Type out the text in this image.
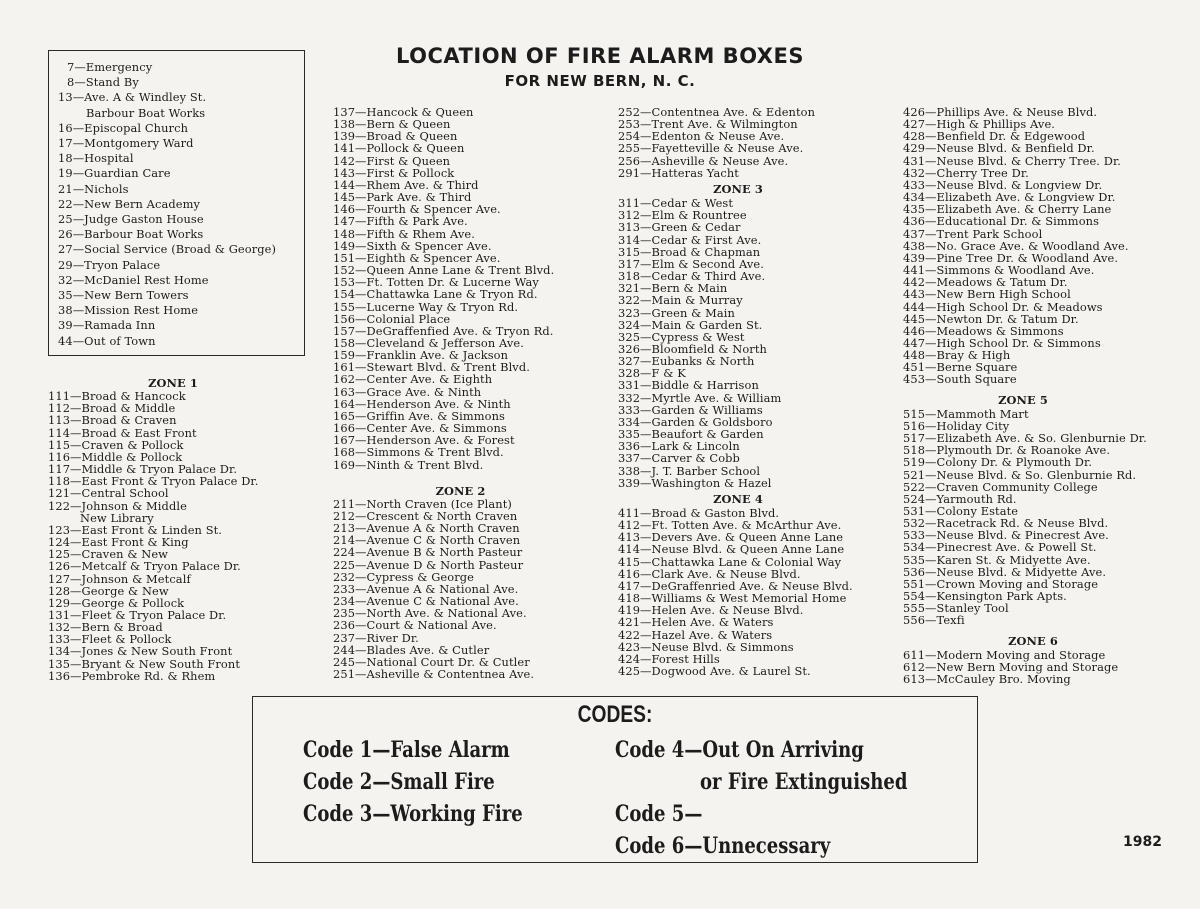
LOCATION OF FIRE ALARM BOXES
FOR NEW BERN, N. C.
7—Emergency
8—Stand By
13—Ave. A & Windley St.
Barbour Boat Works
16—Episcopal Church
17—Montgomery Ward
18—Hospital
19—Guardian Care
21—Nichols
22—New Bern Academy
25—Judge Gaston House
26—Barbour Boat Works
27—Social Service (Broad & George)
29—Tryon Palace
32—McDaniel Rest Home
35—New Bern Towers
38—Mission Rest Home
39—Ramada Inn
44—Out of Town
ZONE 1
111—Broad & Hancock
112—Broad & Middle
113—Broad & Craven
114—Broad & East Front
115—Craven & Pollock
116—Middle & Pollock
117—Middle & Tryon Palace Dr.
118—East Front & Tryon Palace Dr.
121—Central School
122—Johnson & Middle
New Library
123—East Front & Linden St.
124—East Front & King
125—Craven & New
126—Metcalf & Tryon Palace Dr.
127—Johnson & Metcalf
128—George & New
129—George & Pollock
131—Fleet & Tryon Palace Dr.
132—Bern & Broad
133—Fleet & Pollock
134—Jones & New South Front
135—Bryant & New South Front
136—Pembroke Rd. & Rhem
137—Hancock & Queen
138—Bern & Queen
139—Broad & Queen
141—Pollock & Queen
142—First & Queen
143—First & Pollock
144—Rhem Ave. & Third
145—Park Ave. & Third
146—Fourth & Spencer Ave.
147—Fifth & Park Ave.
148—Fifth & Rhem Ave.
149—Sixth & Spencer Ave.
151—Eighth & Spencer Ave.
152—Queen Anne Lane & Trent Blvd.
153—Ft. Totten Dr. & Lucerne Way
154—Chattawka Lane & Tryon Rd.
155—Lucerne Way & Tryon Rd.
156—Colonial Place
157—DeGraffenfied Ave. & Tryon Rd.
158—Cleveland & Jefferson Ave.
159—Franklin Ave. & Jackson
161—Stewart Blvd. & Trent Blvd.
162—Center Ave. & Eighth
163—Grace Ave. & Ninth
164—Henderson Ave. & Ninth
165—Griffin Ave. & Simmons
166—Center Ave. & Simmons
167—Henderson Ave. & Forest
168—Simmons & Trent Blvd.
169—Ninth & Trent Blvd.
ZONE 2
211—North Craven (Ice Plant)
212—Crescent & North Craven
213—Avenue A & North Craven
214—Avenue C & North Craven
224—Avenue B & North Pasteur
225—Avenue D & North Pasteur
232—Cypress & George
233—Avenue A & National Ave.
234—Avenue C & National Ave.
235—North Ave. & National Ave.
236—Court & National Ave.
237—River Dr.
244—Blades Ave. & Cutler
245—National Court Dr. & Cutler
251—Asheville & Contentnea Ave.
252—Contentnea Ave. & Edenton
253—Trent Ave. & Wilmington
254—Edenton & Neuse Ave.
255—Fayetteville & Neuse Ave.
256—Asheville & Neuse Ave.
291—Hatteras Yacht
ZONE 3
311—Cedar & West
312—Elm & Rountree
313—Green & Cedar
314—Cedar & First Ave.
315—Broad & Chapman
317—Elm & Second Ave.
318—Cedar & Third Ave.
321—Bern & Main
322—Main & Murray
323—Green & Main
324—Main & Garden St.
325—Cypress & West
326—Bloomfield & North
327—Eubanks & North
328—F & K
331—Biddle & Harrison
332—Myrtle Ave. & William
333—Garden & Williams
334—Garden & Goldsboro
335—Beaufort & Garden
336—Lark & Lincoln
337—Carver & Cobb
338—J. T. Barber School
339—Washington & Hazel
ZONE 4
411—Broad & Gaston Blvd.
412—Ft. Totten Ave. & McArthur Ave.
413—Devers Ave. & Queen Anne Lane
414—Neuse Blvd. & Queen Anne Lane
415—Chattawka Lane & Colonial Way
416—Clark Ave. & Neuse Blvd.
417—DeGraffenried Ave. & Neuse Blvd.
418—Williams & West Memorial Home
419—Helen Ave. & Neuse Blvd.
421—Helen Ave. & Waters
422—Hazel Ave. & Waters
423—Neuse Blvd. & Simmons
424—Forest Hills
425—Dogwood Ave. & Laurel St.
426—Phillips Ave. & Neuse Blvd.
427—High & Phillips Ave.
428—Benfield Dr. & Edgewood
429—Neuse Blvd. & Benfield Dr.
431—Neuse Blvd. & Cherry Tree. Dr.
432—Cherry Tree Dr.
433—Neuse Blvd. & Longview Dr.
434—Elizabeth Ave. & Longview Dr.
435—Elizabeth Ave. & Cherry Lane
436—Educational Dr. & Simmons
437—Trent Park School
438—No. Grace Ave. & Woodland Ave.
439—Pine Tree Dr. & Woodland Ave.
441—Simmons & Woodland Ave.
442—Meadows & Tatum Dr.
443—New Bern High School
444—High School Dr. & Meadows
445—Newton Dr. & Tatum Dr.
446—Meadows & Simmons
447—High School Dr. & Simmons
448—Bray & High
451—Berne Square
453—South Square
ZONE 5
515—Mammoth Mart
516—Holiday City
517—Elizabeth Ave. & So. Glenburnie Dr.
518—Plymouth Dr. & Roanoke Ave.
519—Colony Dr. & Plymouth Dr.
521—Neuse Blvd. & So. Glenburnie Rd.
522—Craven Community College
524—Yarmouth Rd.
531—Colony Estate
532—Racetrack Rd. & Neuse Blvd.
533—Neuse Blvd. & Pinecrest Ave.
534—Pinecrest Ave. & Powell St.
535—Karen St. & Midyette Ave.
536—Neuse Blvd. & Midyette Ave.
551—Crown Moving and Storage
554—Kensington Park Apts.
555—Stanley Tool
556—Texfi
ZONE 6
611—Modern Moving and Storage
612—New Bern Moving and Storage
613—McCauley Bro. Moving
CODES:
Code 1—False Alarm
Code 2—Small Fire
Code 3—Working Fire
Code 4—Out On Arriving
or Fire Extinguished
Code 5—
Code 6—Unnecessary	1982
